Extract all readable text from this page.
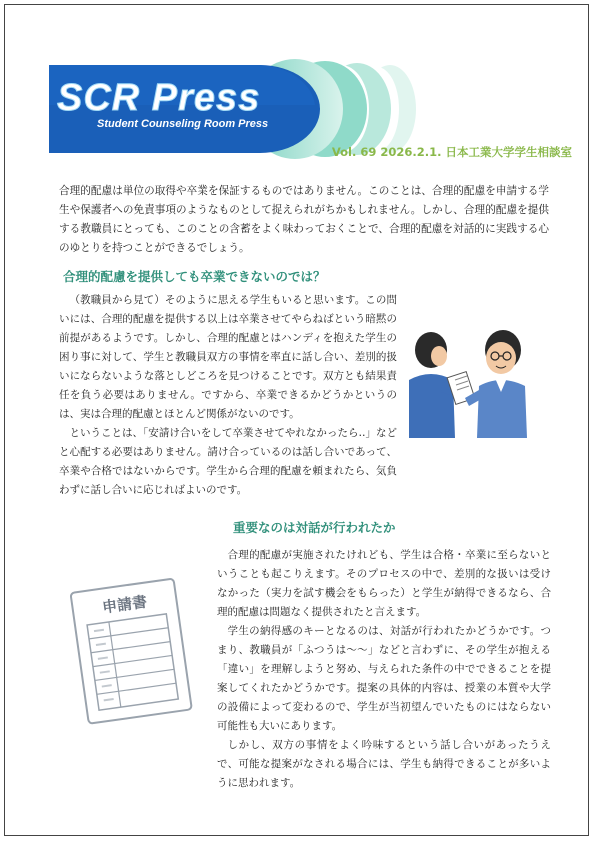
SCR Press
Student Counseling Room Press
Vol. 69 2026.2.1. 日本工業大学学生相談室

合理的配慮は単位の取得や卒業を保証するものではありません。このことは、合理的配慮を申請する学生や保護者への免責事項のようなものとして捉えられがちかもしれません。しかし、合理的配慮を提供する教職員にとっても、このことの含蓄をよく味わっておくことで、合理的配慮を対話的に実践する心のゆとりを持つことができるでしょう。

合理的配慮を提供しても卒業できないのでは？

（教職員から見て）そのように思える学生もいると思います。この問いには、合理的配慮を提供する以上は卒業させてやらねばという暗黙の前提があるようです。しかし、合理的配慮とはハンディを抱えた学生の困り事に対して、学生と教職員双方の事情を率直に話し合い、差別的扱いにならないような落としどころを見つけることです。双方とも結果責任を負う必要はありません。ですから、卒業できるかどうかというのは、実は合理的配慮とほとんど関係がないのです。

ということは、「安請け合いをして卒業させてやれなかったら‥」などと心配する必要はありません。請け合っているのは話し合いであって、卒業や合格ではないからです。学生から合理的配慮を頼まれたら、気負わずに話し合いに応じればよいのです。

重要なのは対話が行われたか

合理的配慮が実施されたけれども、学生は合格・卒業に至らないということも起こりえます。そのプロセスの中で、差別的な扱いは受けなかった（実力を試す機会をもらった）と学生が納得できるなら、合理的配慮は問題なく提供されたと言えます。

学生の納得感のキーとなるのは、対話が行われたかどうかです。つまり、教職員が「ふつうは～～」などと言わずに、その学生が抱える「違い」を理解しようと努め、与えられた条件の中でできることを提案してくれたかどうかです。提案の具体的内容は、授業の本質や大学の設備によって変わるので、学生が当初望んでいたものにはならない可能性も大いにあります。

しかし、双方の事情をよく吟味するという話し合いがあったうえで、可能な提案がなされる場合には、学生も納得できることが多いように思われます。

申請書
